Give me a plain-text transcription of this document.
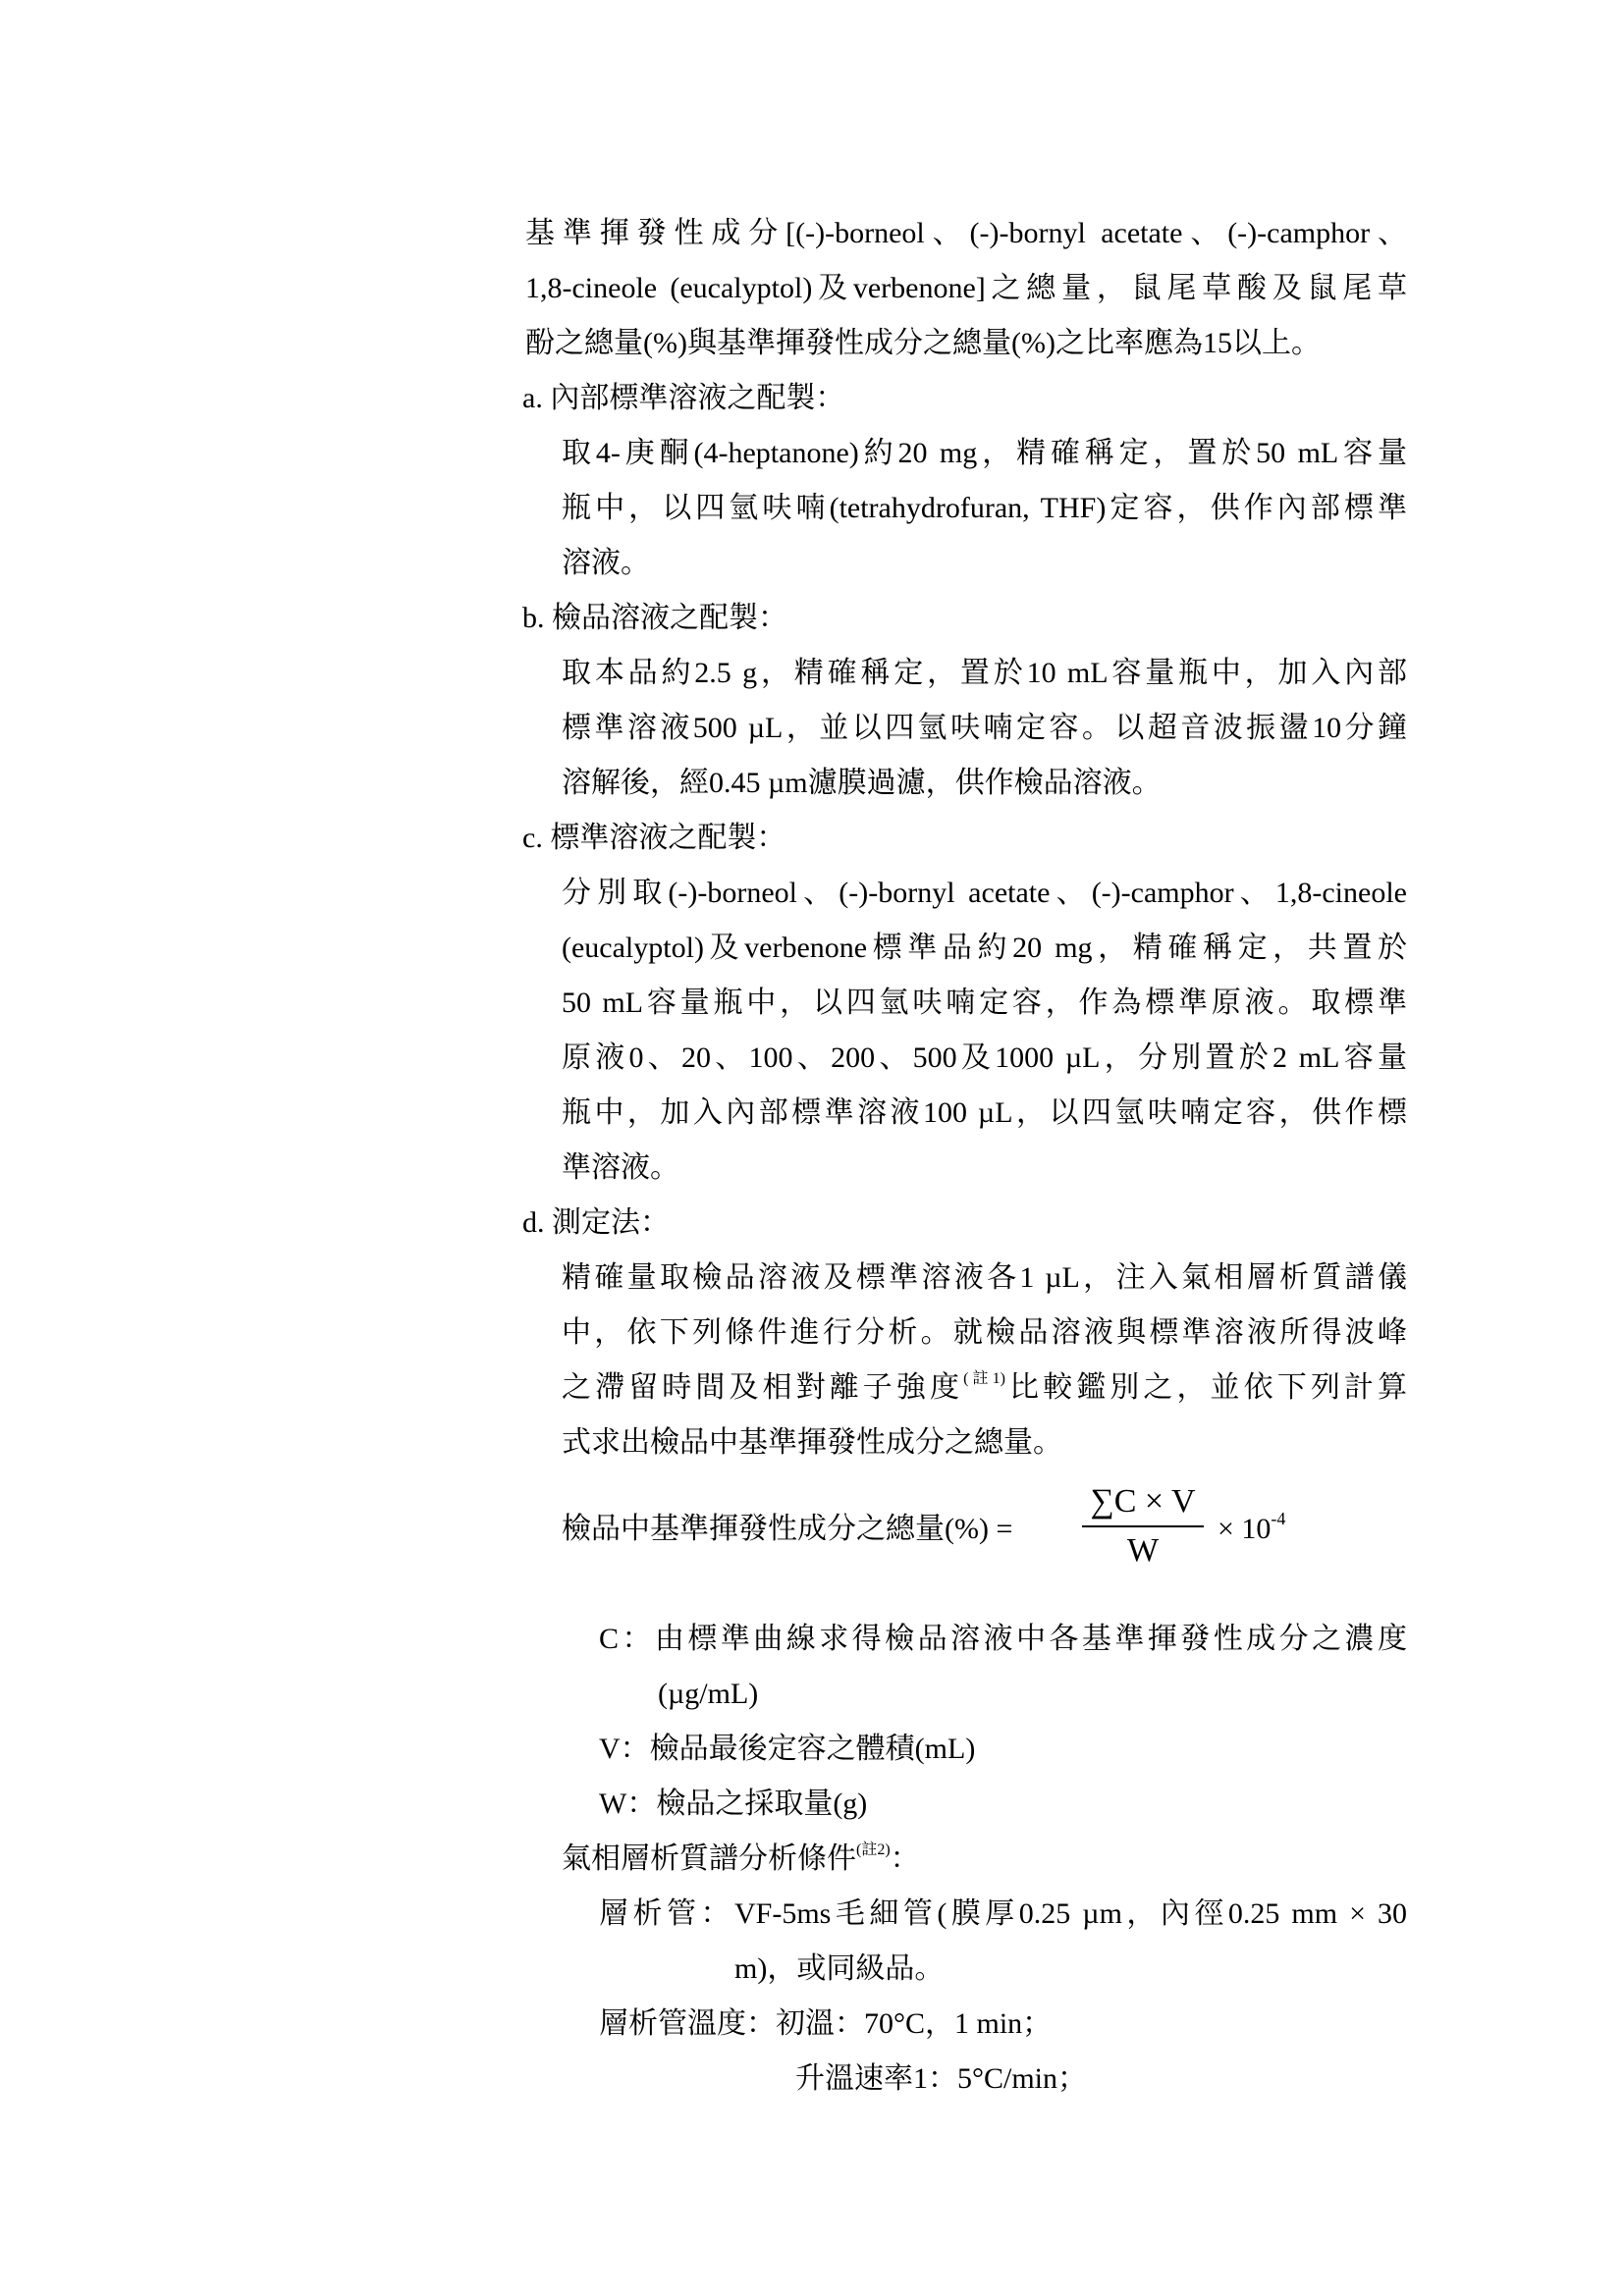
基準揮發性成分[(-)-borneol、(-)-bornyl acetate、(-)-camphor、
1,8-cineole (eucalyptol)及verbenone]之總量，鼠尾草酸及鼠尾草
酚之總量(%)與基準揮發性成分之總量(%)之比率應為15以上。
a. 內部標準溶液之配製：
取4-庚酮(4-heptanone)約20 mg，精確稱定，置於50 mL容量
瓶中，以四氫呋喃(tetrahydrofuran, THF)定容，供作內部標準
溶液。
b. 檢品溶液之配製：
取本品約2.5 g，精確稱定，置於10 mL容量瓶中，加入內部
標準溶液500 µL，並以四氫呋喃定容。以超音波振盪10分鐘
溶解後，經0.45 µm濾膜過濾，供作檢品溶液。
c. 標準溶液之配製：
分別取(-)-borneol、(-)-bornyl acetate、(-)-camphor、1,8-cineole
(eucalyptol)及verbenone標準品約20 mg，精確稱定，共置於
50 mL容量瓶中，以四氫呋喃定容，作為標準原液。取標準
原液0、20、100、200、500及1000 µL，分別置於2 mL容量
瓶中，加入內部標準溶液100 µL，以四氫呋喃定容，供作標
準溶液。
d. 測定法：
精確量取檢品溶液及標準溶液各1 µL，注入氣相層析質譜儀
中，依下列條件進行分析。就檢品溶液與標準溶液所得波峰
之滯留時間及相對離子強度$^{(註1)}$比較鑑別之，並依下列計算
式求出檢品中基準揮發性成分之總量。
檢品中基準揮發性成分之總量(%) =
∑C × V
W
× $10^{-4}$
C：由標準曲線求得檢品溶液中各基準揮發性成分之濃度
(µg/mL)
V：檢品最後定容之體積(mL)
W：檢品之採取量(g)
氣相層析質譜分析條件$^{(註2)}$：
層析管：VF-5ms毛細管(膜厚0.25 µm，內徑0.25 mm × 30
m)，或同級品。
層析管溫度：初溫：70°C，1 min；
升溫速率1：5°C/min；
